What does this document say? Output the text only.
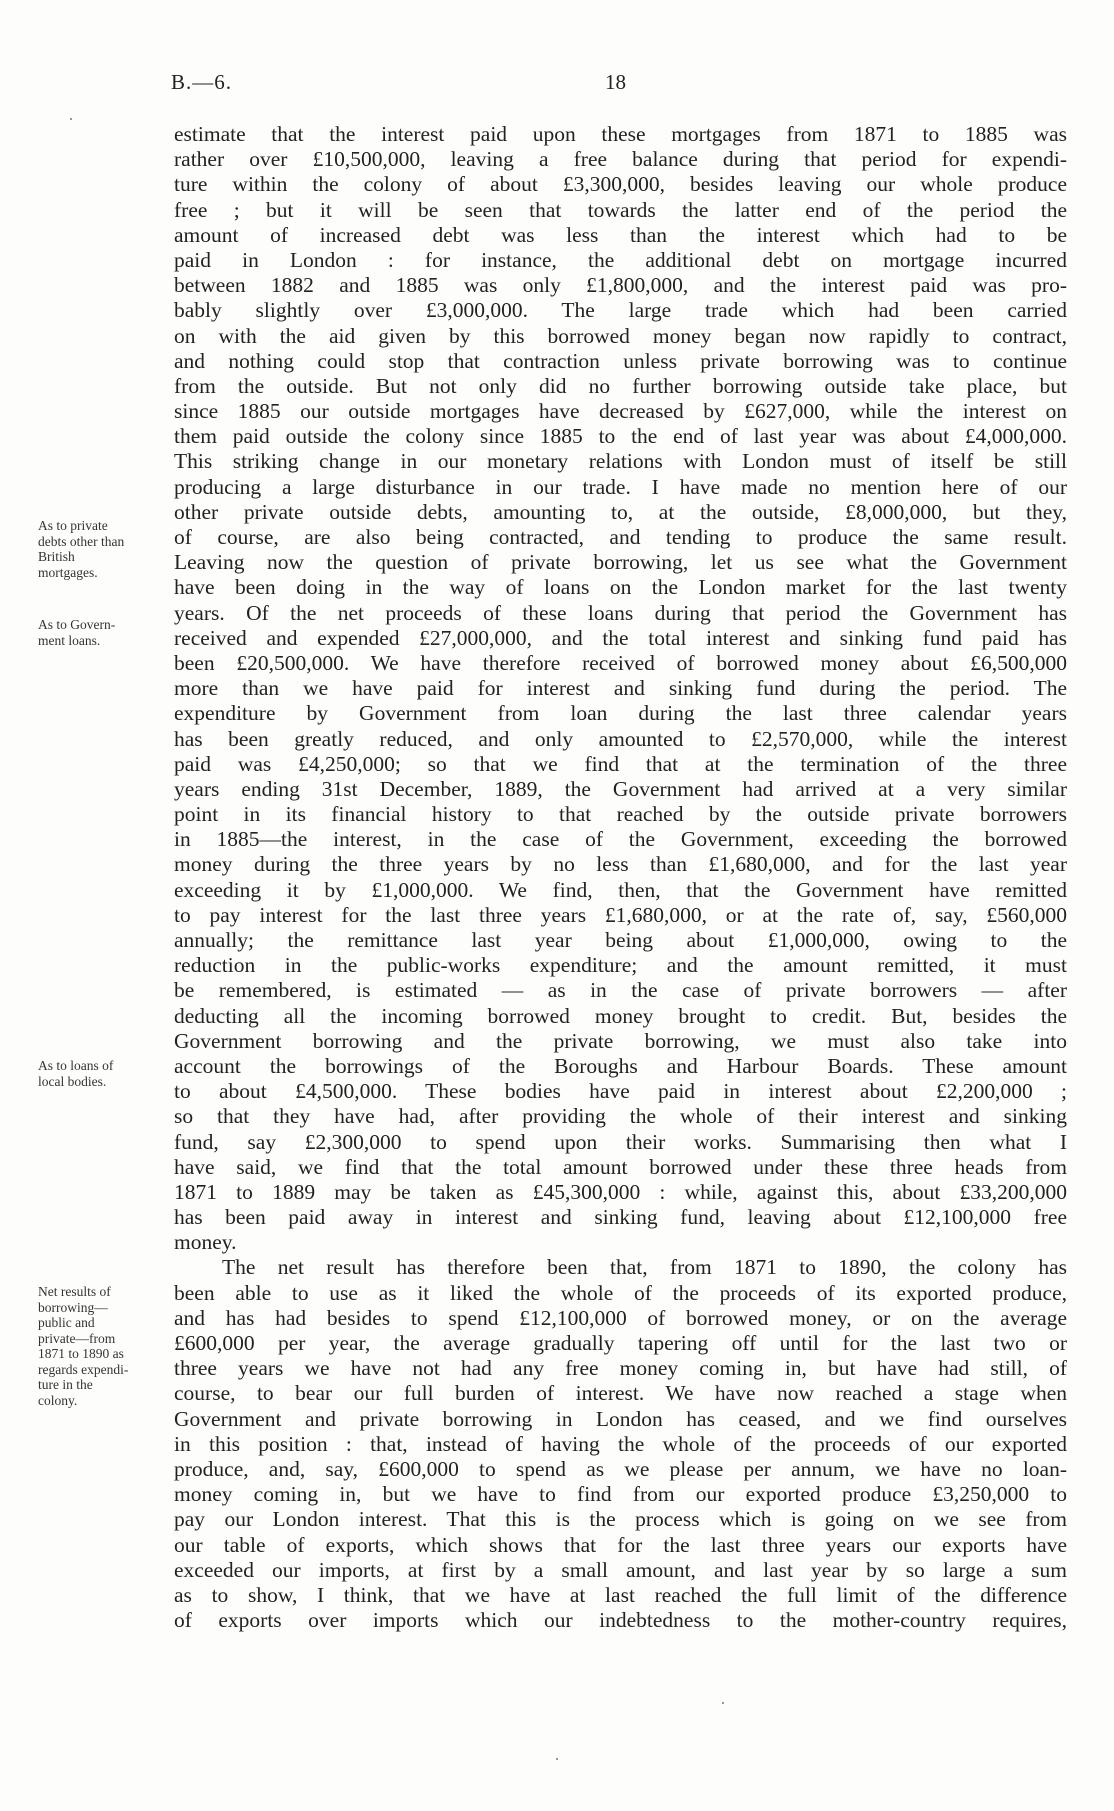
B.—6.	18
As to private
debts other than
British
mortgages.
As to Govern-
ment loans.
As to loans of
local bodies.
Net results of
borrowing—
public and
private—from
1871 to 1890 as
regards expendi-
ture in the
colony.
estimate that the interest paid upon these mortgages from 1871 to 1885 was
rather over £10,500,000, leaving a free balance during that period for expendi-
ture within the colony of about £3,300,000, besides leaving our whole produce
free ; but it will be seen that towards the latter end of the period the
amount of increased debt was less than the interest which had to be
paid in London : for instance, the additional debt on mortgage incurred
between 1882 and 1885 was only £1,800,000, and the interest paid was pro-
bably slightly over £3,000,000. The large trade which had been carried
on with the aid given by this borrowed money began now rapidly to contract,
and nothing could stop that contraction unless private borrowing was to continue
from the outside. But not only did no further borrowing outside take place, but
since 1885 our outside mortgages have decreased by £627,000, while the interest on
them paid outside the colony since 1885 to the end of last year was about £4,000,000.
This striking change in our monetary relations with London must of itself be still
producing a large disturbance in our trade. I have made no mention here of our
other private outside debts, amounting to, at the outside, £8,000,000, but they,
of course, are also being contracted, and tending to produce the same result.
Leaving now the question of private borrowing, let us see what the Government
have been doing in the way of loans on the London market for the last twenty
years. Of the net proceeds of these loans during that period the Government has
received and expended £27,000,000, and the total interest and sinking fund paid has
been £20,500,000. We have therefore received of borrowed money about £6,500,000
more than we have paid for interest and sinking fund during the period. The
expenditure by Government from loan during the last three calendar years
has been greatly reduced, and only amounted to £2,570,000, while the interest
paid was £4,250,000; so that we find that at the termination of the three
years ending 31st December, 1889, the Government had arrived at a very similar
point in its financial history to that reached by the outside private borrowers
in 1885—the interest, in the case of the Government, exceeding the borrowed
money during the three years by no less than £1,680,000, and for the last year
exceeding it by £1,000,000. We find, then, that the Government have remitted
to pay interest for the last three years £1,680,000, or at the rate of, say, £560,000
annually; the remittance last year being about £1,000,000, owing to the
reduction in the public-works expenditure; and the amount remitted, it must
be remembered, is estimated — as in the case of private borrowers — after
deducting all the incoming borrowed money brought to credit. But, besides the
Government borrowing and the private borrowing, we must also take into
account the borrowings of the Boroughs and Harbour Boards. These amount
to about £4,500,000. These bodies have paid in interest about £2,200,000 ;
so that they have had, after providing the whole of their interest and sinking
fund, say £2,300,000 to spend upon their works. Summarising then what I
have said, we find that the total amount borrowed under these three heads from
1871 to 1889 may be taken as £45,300,000 : while, against this, about £33,200,000
has been paid away in interest and sinking fund, leaving about £12,100,000 free
money.
The net result has therefore been that, from 1871 to 1890, the colony has
been able to use as it liked the whole of the proceeds of its exported produce,
and has had besides to spend £12,100,000 of borrowed money, or on the average
£600,000 per year, the average gradually tapering off until for the last two or
three years we have not had any free money coming in, but have had still, of
course, to bear our full burden of interest. We have now reached a stage when
Government and private borrowing in London has ceased, and we find ourselves
in this position : that, instead of having the whole of the proceeds of our exported
produce, and, say, £600,000 to spend as we please per annum, we have no loan-
money coming in, but we have to find from our exported produce £3,250,000 to
pay our London interest. That this is the process which is going on we see from
our table of exports, which shows that for the last three years our exports have
exceeded our imports, at first by a small amount, and last year by so large a sum
as to show, I think, that we have at last reached the full limit of the difference
of exports over imports which our indebtedness to the mother-country requires,
